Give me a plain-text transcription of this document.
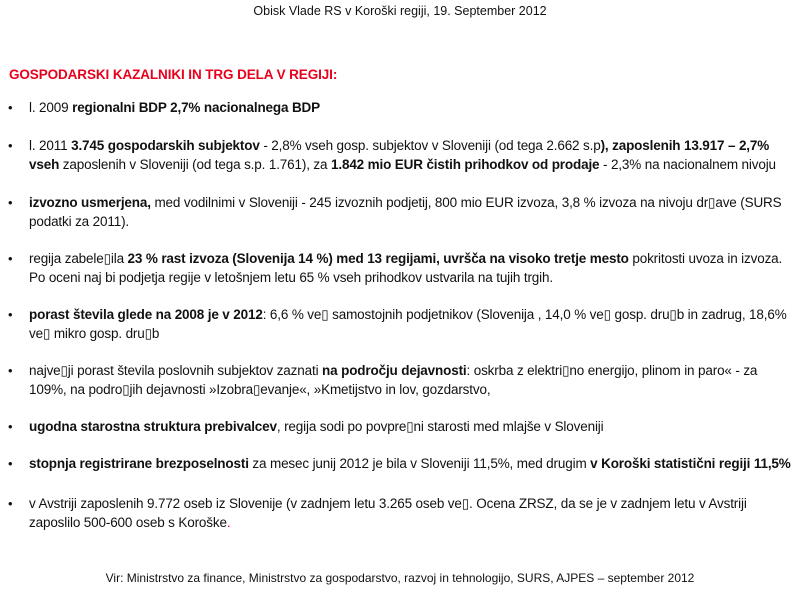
Obisk Vlade RS v Koroški regiji, 19. September 2012
GOSPODARSKI KAZALNIKI IN TRG DELA V REGIJI:
• l. 2009 regionalni BDP 2,7% nacionalnega BDP
• l. 2011 3.745 gospodarskih subjektov - 2,8% vseh gosp. subjektov v Sloveniji (od tega 2.662 s.p), zaposlenih 13.917 – 2,7% vseh zaposlenih v Sloveniji (od tega s.p. 1.761), za 1.842 mio EUR čistih prihodkov od prodaje - 2,3% na nacionalnem nivoju
• izvozno usmerjena, med vodilnimi v Sloveniji - 245 izvoznih podjetij, 800 mio EUR izvoza, 3,8 % izvoza na nivoju dr▯ave (SURS podatki za 2011).
• regija zabele▯ila 23 % rast izvoza (Slovenija 14 %) med 13 regijami, uvršča na visoko tretje mesto pokritosti uvoza in izvoza. Po oceni naj bi podjetja regije v letošnjem letu 65 % vseh prihodkov ustvarila na tujih trgih.
• porast števila glede na 2008 je v 2012: 6,6 % ve▯ samostojnih podjetnikov (Slovenija , 14,0 % ve▯ gosp. dru▯b in zadrug, 18,6% ve▯ mikro gosp. dru▯b
• najve▯ji porast števila poslovnih subjektov zaznati na področju dejavnosti: oskrba z elektri▯no energijo, plinom in paro« - za 109%, na podro▯jih dejavnosti »Izobra▯evanje«, »Kmetijstvo in lov, gozdarstvo,
• ugodna starostna struktura prebivalcev, regija sodi po povpre▯ni starosti med mlajše v Sloveniji
• stopnja registrirane brezposelnosti za mesec junij 2012 je bila v Sloveniji 11,5%, med drugim v Koroški statistični regiji 11,5%
• v Avstriji zaposlenih 9.772 oseb iz Slovenije (v zadnjem letu 3.265 oseb ve▯. Ocena ZRSZ, da se je v zadnjem letu v Avstriji zaposlilo 500-600 oseb s Koroške.
Vir: Ministrstvo za finance, Ministrstvo za gospodarstvo, razvoj in tehnologijo, SURS, AJPES – september 2012
